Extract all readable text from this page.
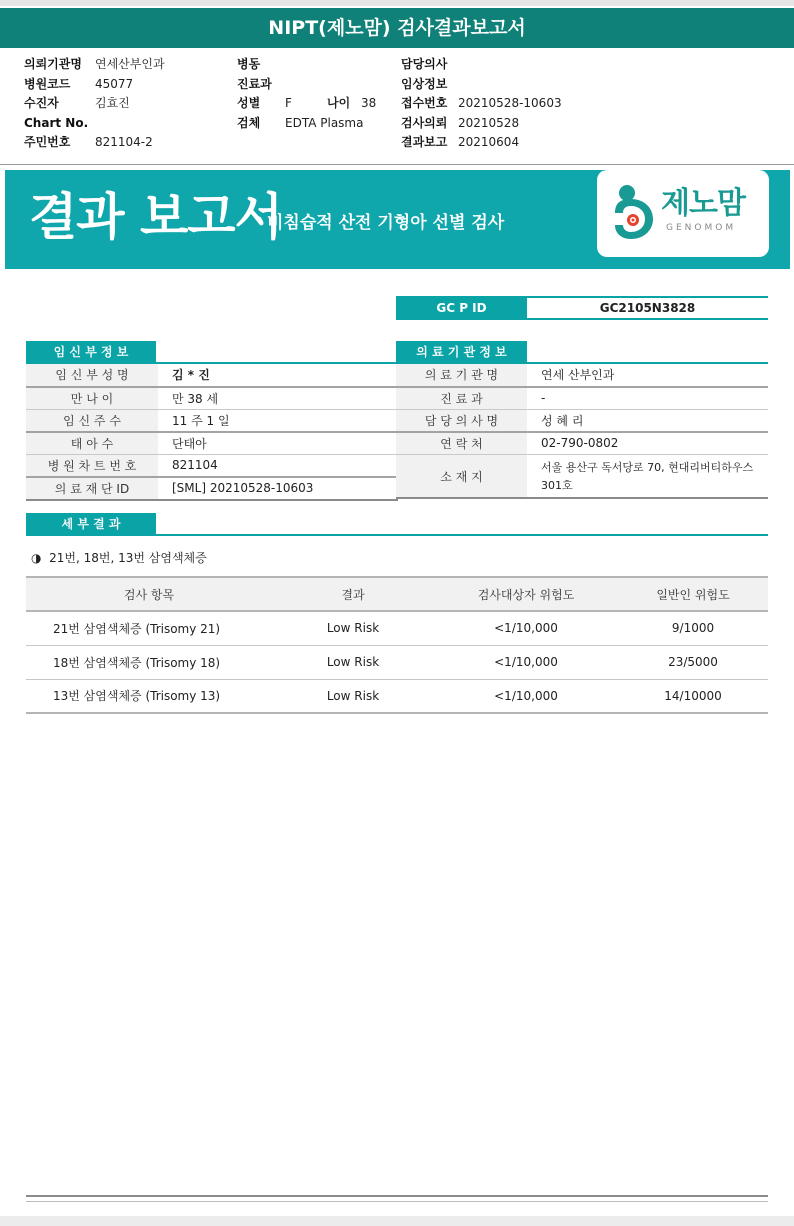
NIPT(제노맘) 검사결과보고서
의뢰기관명	연세산부인과
병원코드	45077
수진자	김효진
Chart No.
주민번호	821104-2
병동
진료과
성별	F	나이 38
검체	EDTA Plasma
담당의사
임상정보
접수번호 20210528-10603
검사의뢰 20210528
결과보고 20210604
결과 보고서
비침습적 산전 기형아 선별 검사
제노맘
GENOMOM
GC P ID	GC2105N3828
임 신 부 정 보
임 신 부 성 명	김 * 진
만 나 이	만 38 세
임 신 주 수	11 주 1 일
태 아 수	단태아
병 원 차 트 번 호	821104
의 료 재 단 ID	[SML] 20210528-10603
의 료 기 관 정 보
의 료 기 관 명	연세 산부인과
진 료 과	-
담 당 의 사 명	성 혜 리
연 락 처	02-790-0802
소 재 지	서울 용산구 독서당로 70, 현대리버티하우스 301호
세 부 결 과
◑ 21번, 18번, 13번 삼염색체증
검사 항목	결과	검사대상자 위험도	일반인 위험도
21번 삼염색체증 (Trisomy 21)	Low Risk	<1/10,000	9/1000
18번 삼염색체증 (Trisomy 18)	Low Risk	<1/10,000	23/5000
13번 삼염색체증 (Trisomy 13)	Low Risk	<1/10,000	14/10000
